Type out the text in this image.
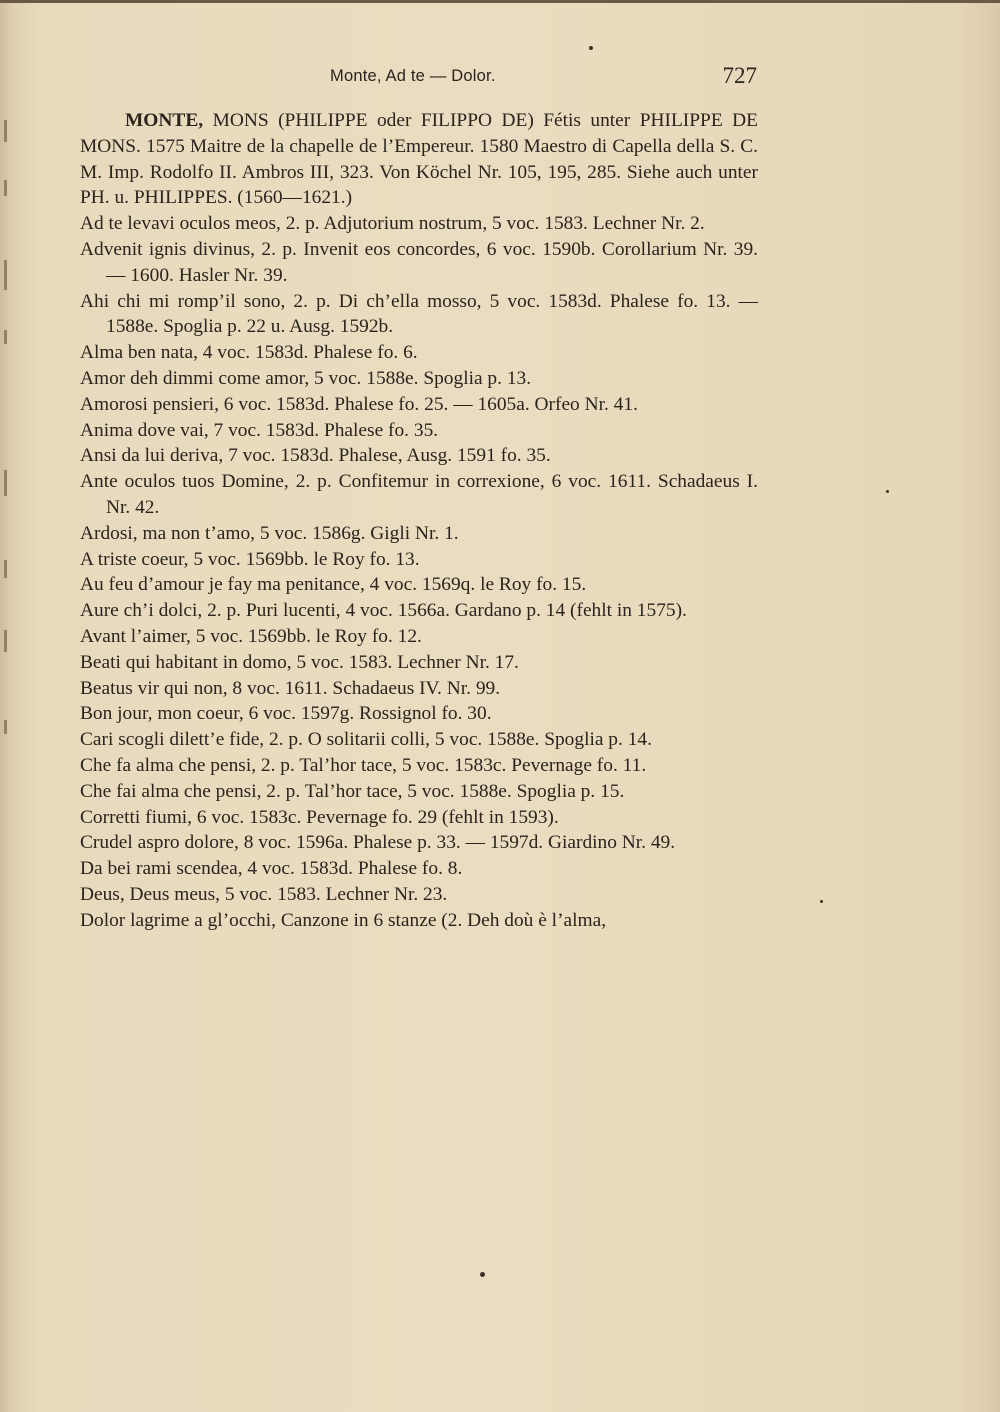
Monte, Ad te — Dolor.	727

MONTE, MONS (PHILIPPE oder FILIPPO DE) Fétis unter PHILIPPE DE MONS. 1575 Maitre de la chapelle de l’Empereur. 1580 Maestro di Capella della S. C. M. Imp. Rodolfo II. Ambros III, 323. Von Köchel Nr. 105, 195, 285. Siehe auch unter PH. u. PHILIPPES. (1560—1621.)

Ad te levavi oculos meos, 2. p. Adjutorium nostrum, 5 voc. 1583. Lechner Nr. 2.

Advenit ignis divinus, 2. p. Invenit eos concordes, 6 voc. 1590b. Corollarium Nr. 39. — 1600. Hasler Nr. 39.

Ahi chi mi romp’il sono, 2. p. Di ch’ella mosso, 5 voc. 1583d. Phalese fo. 13. — 1588e. Spoglia p. 22 u. Ausg. 1592b.

Alma ben nata, 4 voc. 1583d. Phalese fo. 6.

Amor deh dimmi come amor, 5 voc. 1588e. Spoglia p. 13.

Amorosi pensieri, 6 voc. 1583d. Phalese fo. 25. — 1605a. Orfeo Nr. 41.

Anima dove vai, 7 voc. 1583d. Phalese fo. 35.

Ansi da lui deriva, 7 voc. 1583d. Phalese, Ausg. 1591 fo. 35.

Ante oculos tuos Domine, 2. p. Confitemur in correxione, 6 voc. 1611. Schadaeus I. Nr. 42.

Ardosi, ma non t’amo, 5 voc. 1586g. Gigli Nr. 1.

A triste coeur, 5 voc. 1569bb. le Roy fo. 13.

Au feu d’amour je fay ma penitance, 4 voc. 1569q. le Roy fo. 15.

Aure ch’i dolci, 2. p. Puri lucenti, 4 voc. 1566a. Gardano p. 14 (fehlt in 1575).

Avant l’aimer, 5 voc. 1569bb. le Roy fo. 12.

Beati qui habitant in domo, 5 voc. 1583. Lechner Nr. 17.

Beatus vir qui non, 8 voc. 1611. Schadaeus IV. Nr. 99.

Bon jour, mon coeur, 6 voc. 1597g. Rossignol fo. 30.

Cari scogli dilett’e fide, 2. p. O solitarii colli, 5 voc. 1588e. Spoglia p. 14.

Che fa alma che pensi, 2. p. Tal’hor tace, 5 voc. 1583c. Pevernage fo. 11.

Che fai alma che pensi, 2. p. Tal’hor tace, 5 voc. 1588e. Spoglia p. 15.

Corretti fiumi, 6 voc. 1583c. Pevernage fo. 29 (fehlt in 1593).

Crudel aspro dolore, 8 voc. 1596a. Phalese p. 33. — 1597d. Giardino Nr. 49.

Da bei rami scendea, 4 voc. 1583d. Phalese fo. 8.

Deus, Deus meus, 5 voc. 1583. Lechner Nr. 23.

Dolor lagrime a gl’occhi, Canzone in 6 stanze (2. Deh doù è l’alma,
